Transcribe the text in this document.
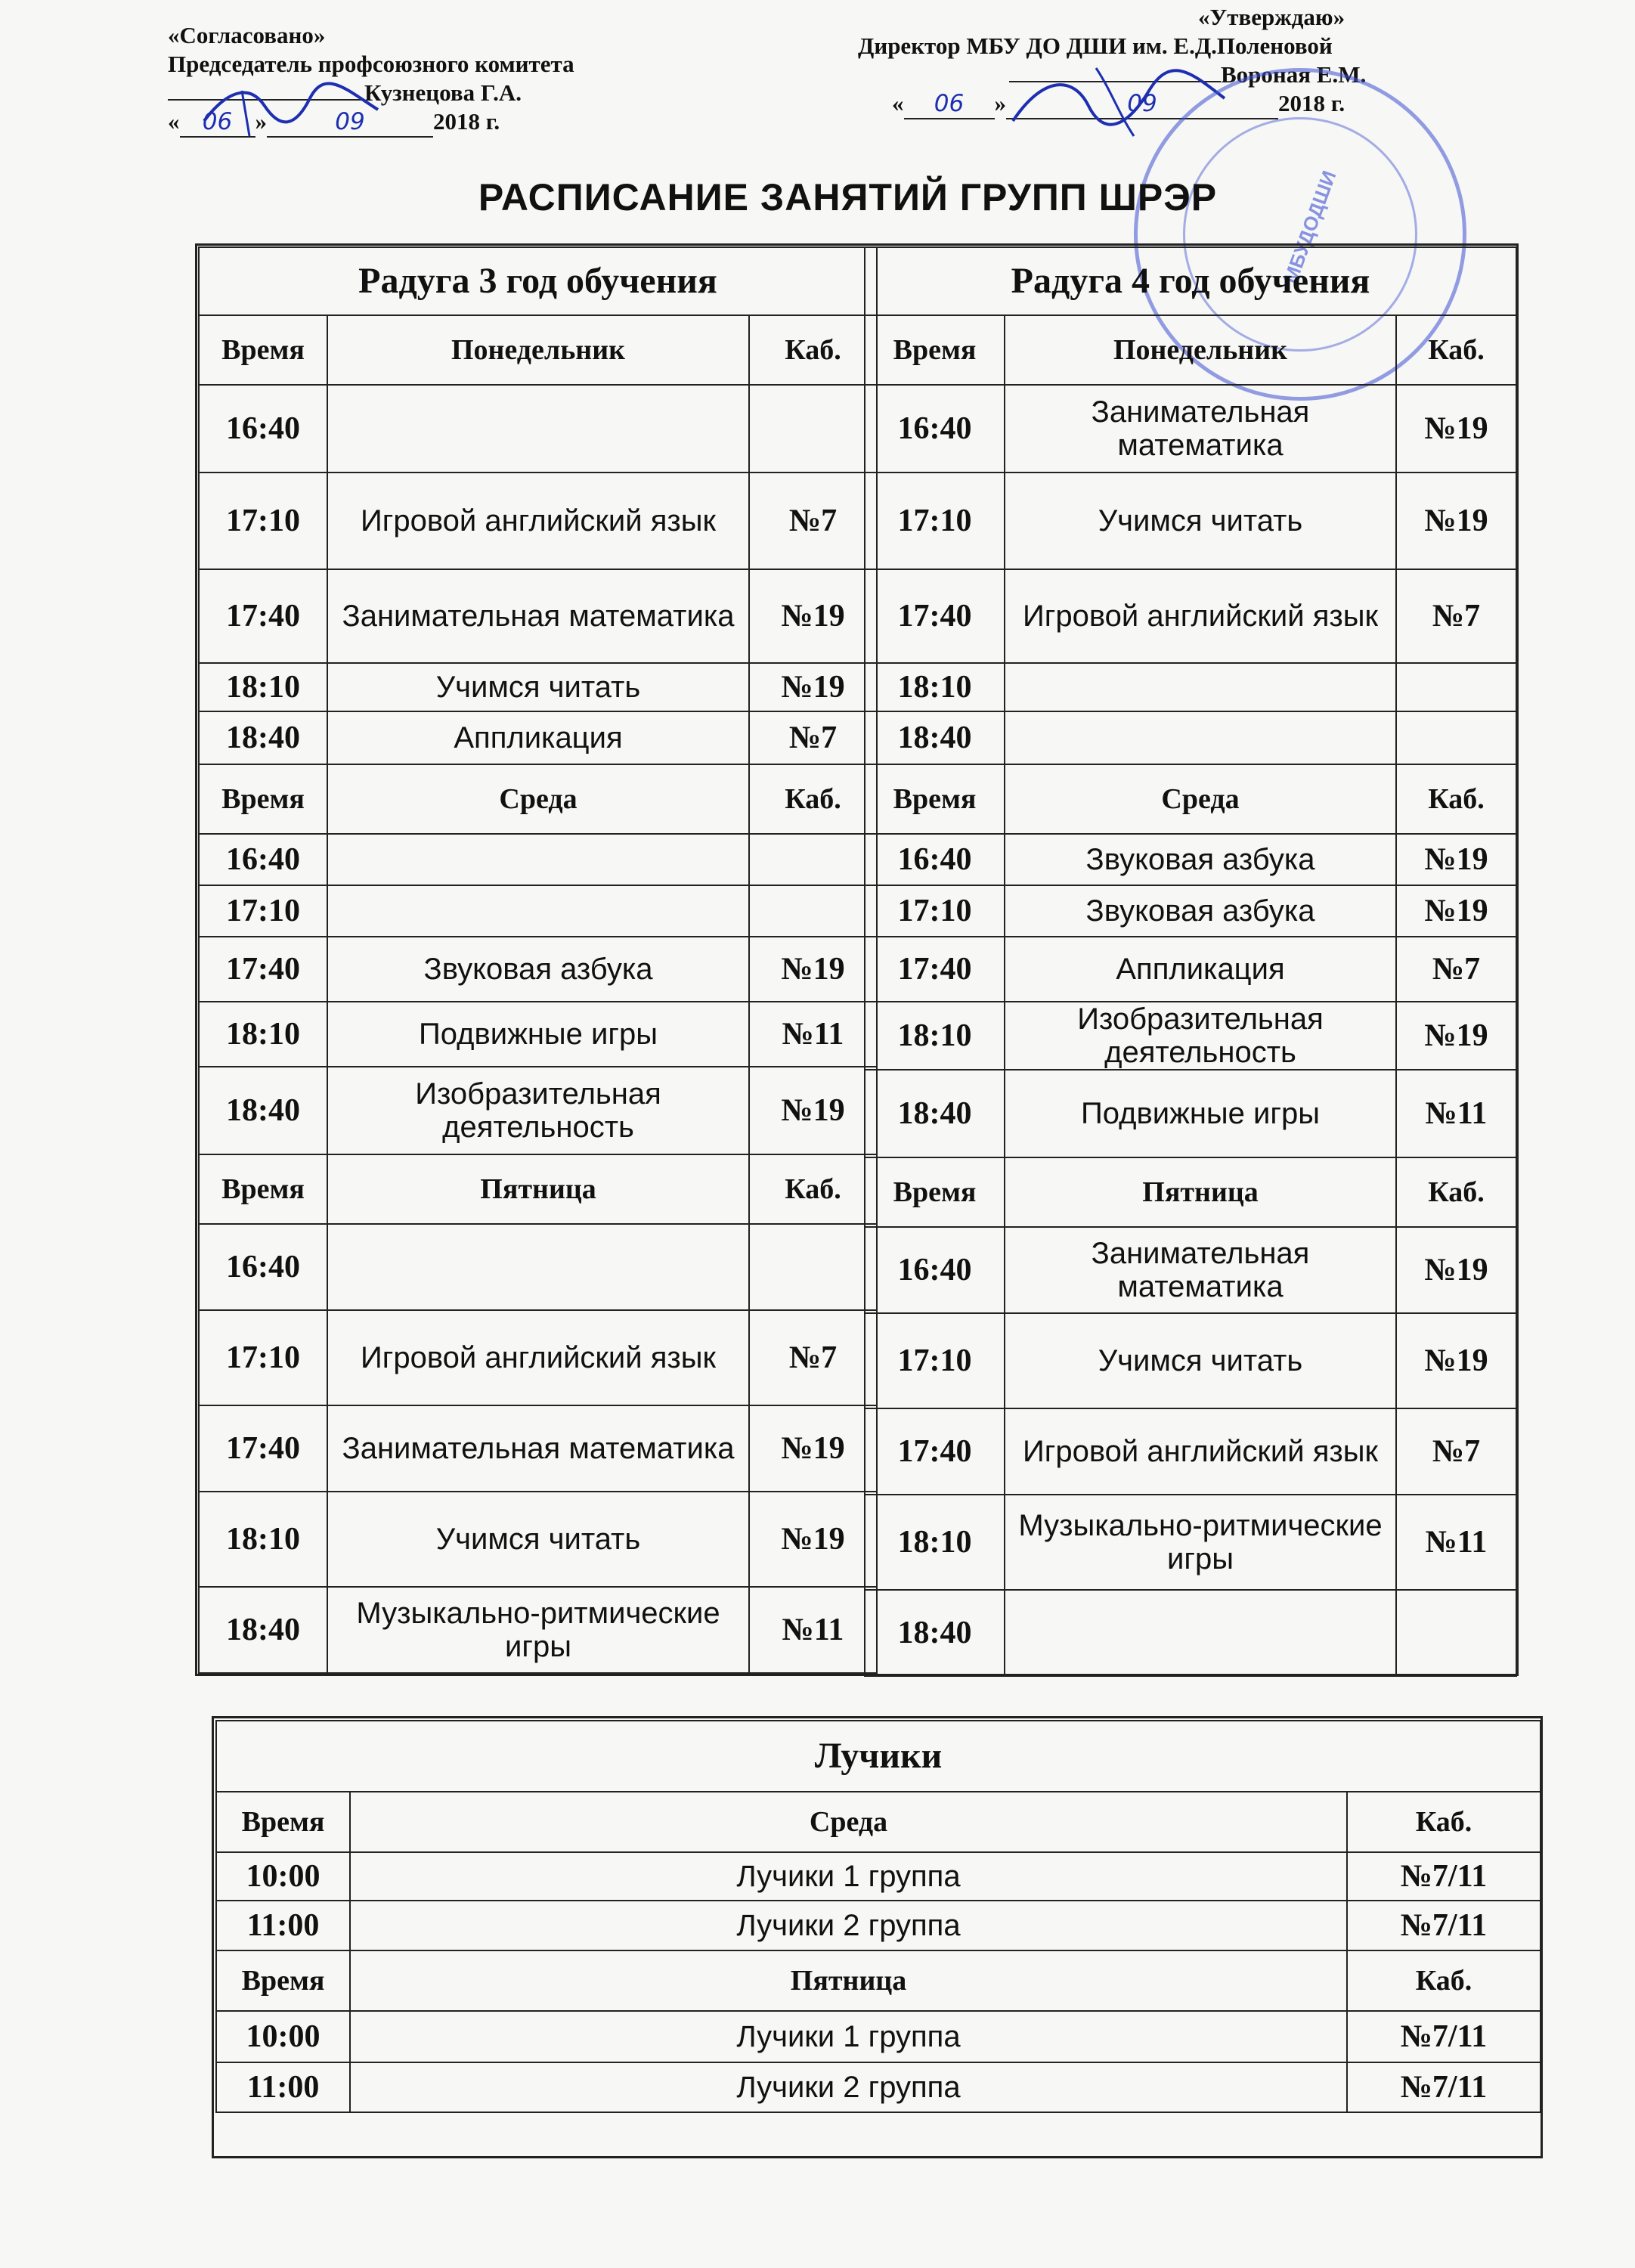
«Согласовано»
Председатель профсоюзного комитета
Кузнецова Г.А.
« 06 »	09	2018 г.
«Утверждаю»
Директор МБУ ДО ДШИ им. Е.Д.Поленовой
Вороная Е.М.
« 06 »	09	2018 г.
МБУДОДШИ
РАСПИСАНИЕ ЗАНЯТИЙ ГРУПП ШРЭР
Радуга 3 год обучения		
Время	Понедельник	Каб.
16:40		
17:10	Игровой английский язык	№7
17:40	Занимательная математика	№19
18:10	Учимся читать	№19
18:40	Аппликация	№7
Время	Среда	Каб.
16:40		
17:10		
17:40	Звуковая азбука	№19
18:10	Подвижные игры	№11
18:40	Изобразительная деятельность	№19
Время	Пятница	Каб.
16:40		
17:10	Игровой английский язык	№7
17:40	Занимательная математика	№19
18:10	Учимся читать	№19
18:40	Музыкально-ритмические игры	№11
Радуга 4 год обучения		
Время	Понедельник	Каб.
16:40	Занимательная математика	№19
17:10	Учимся читать	№19
17:40	Игровой английский язык	№7
18:10		
18:40		
Время	Среда	Каб.
16:40	Звуковая азбука	№19
17:10	Звуковая азбука	№19
17:40	Аппликация	№7
18:10	Изобразительная деятельность	№19
18:40	Подвижные игры	№11
Время	Пятница	Каб.
16:40	Занимательная математика	№19
17:10	Учимся читать	№19
17:40	Игровой английский язык	№7
18:10	Музыкально-ритмические игры	№11
18:40		
Лучики		
Время	Среда	Каб.
10:00	Лучики 1 группа	№7/11
11:00	Лучики 2 группа	№7/11
Время	Пятница	Каб.
10:00	Лучики 1 группа	№7/11
11:00	Лучики 2 группа	№7/11
